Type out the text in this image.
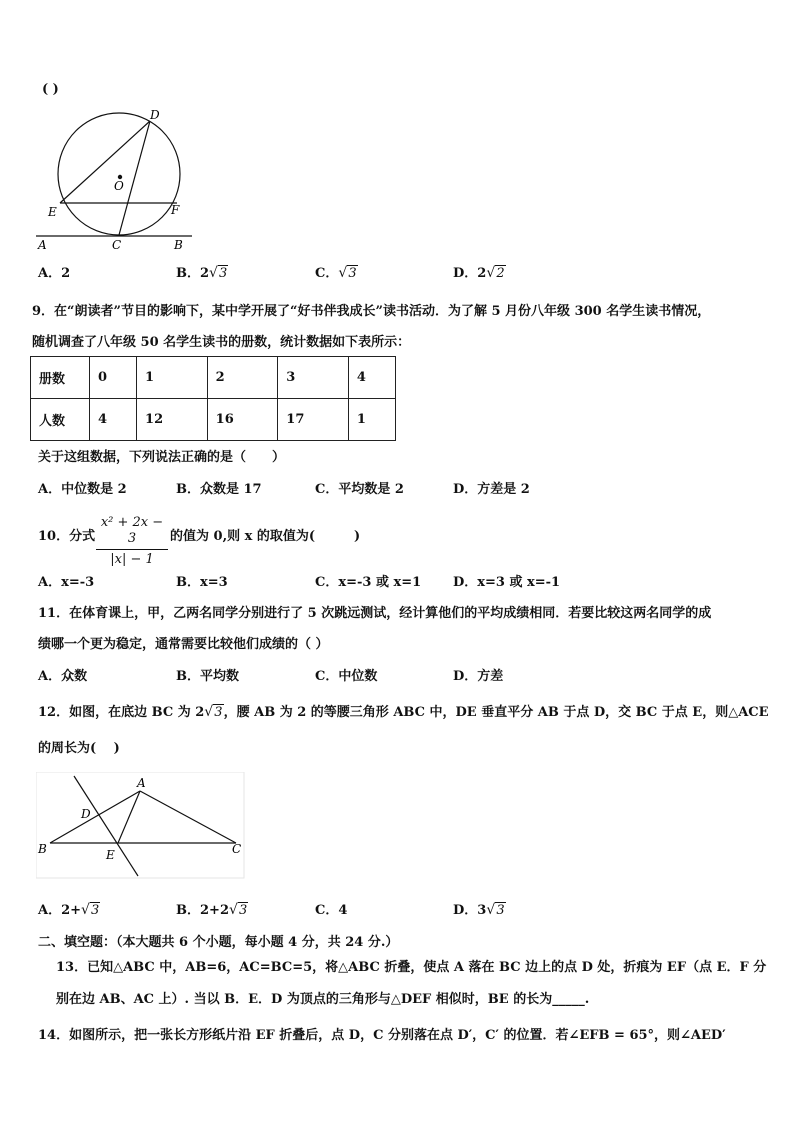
( )
D
O
E	F
A	C	B
A．2	B．2 √ 3	C． √ 3	D．2 √ 2
9．在“朗读者”节目的影响下，某中学开展了“好书伴我成长”读书活动．为了解 5 月份八年级 300 名学生读书情况，
随机调查了八年级 50 名学生读书的册数，统计数据如下表所示：
册数	0	1	2	3	4
人数	4	12	16	17	1
关于这组数据，下列说法正确的是（　　）
A．中位数是 2	B．众数是 17	C．平均数是 2	D．方差是 2
10．分式
x² + 2x − 3
|x| − 1
的值为 0,则 x 的取值为(　　　)
A．x=-3	B．x=3	C．x=-3 或 x=1 D．x=3 或 x=-1
11．在体育课上，甲，乙两名同学分别进行了 5 次跳远测试，经计算他们的平均成绩相同．若要比较这两名同学的成
绩哪一个更为稳定，通常需要比较他们成绩的（ ）
A．众数	B．平均数	C．中位数	D．方差
12．如图，在底边 BC 为 2 √ 3，腰 AB 为 2 的等腰三角形 ABC 中，DE 垂直平分 AB 于点 D，交 BC 于点 E，则△ACE
的周长为(　 )
A
D
B	E	C
A．2+ √ 3	B．2+2 √ 3	C．4	D．3 √ 3
二、填空题：（本大题共 6 个小题，每小题 4 分，共 24 分.）
13．已知△ABC 中，AB=6，AC=BC=5，将△ABC 折叠，使点 A 落在 BC 边上的点 D 处，折痕为 EF（点 E．F 分
别在边 AB、AC 上）. 当以 B．E．D 为顶点的三角形与△DEF 相似时，BE 的长为_____.
14．如图所示，把一张长方形纸片沿 EF 折叠后，点 D，C 分别落在点 D′，C′ 的位置．若∠EFB = 65°，则∠AED′
